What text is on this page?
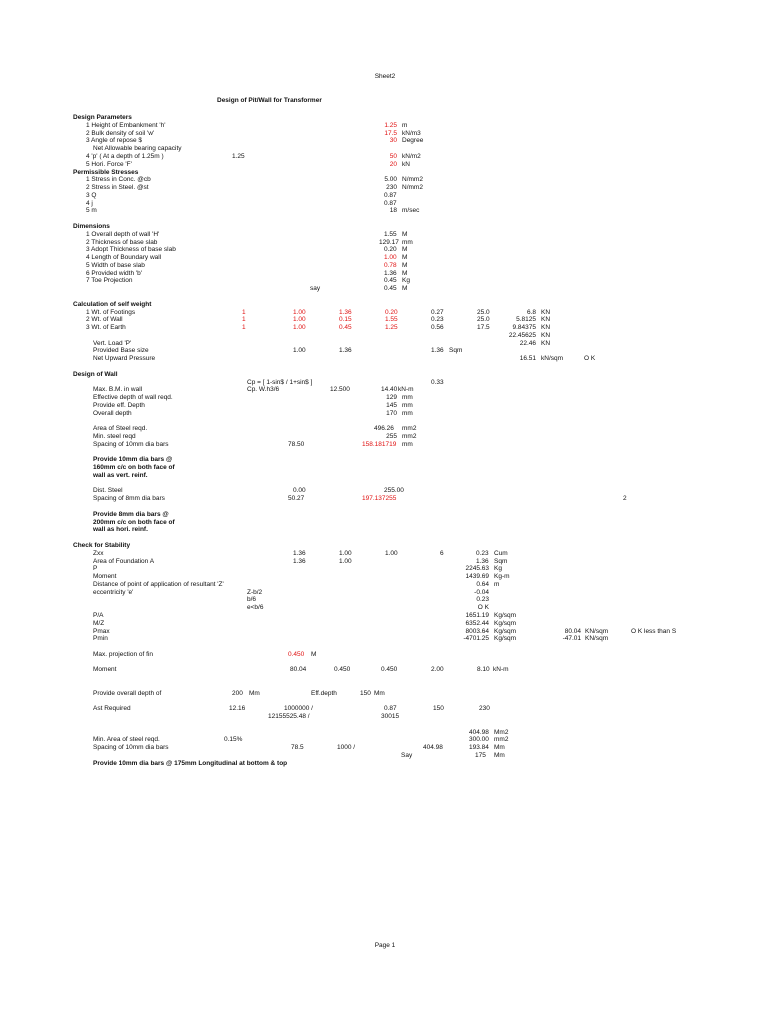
Sheet2
Design of Pit/Wall for Transformer
Design Parameters
1 Height of Embankment 'h'	1.25 m
2 Bulk density of soil 'w'	17.5 kN/m3
3 Angle of repose $	30 Degree
Net Allowable bearing capacity
4 'p' ( At a depth of 1.25m )	1.25	50 kN/m2
5 Hori. Force 'F'	20 kN
Permissible Stresses
1 Stress in Conc. @cb	5.00 N/mm2
2 Stress in Steel. @st	230 N/mm2
3 Q	0.87
4 j	0.87
5 m	18 m/sec
Dimensions
1 Overall depth of wall 'H'	1.55 M
2 Thickness of base slab	129.17 mm
3 Adopt Thickness of base slab	0.20 M
4 Length of Boundary wall	1.00 M
5 Width of base slab	0.78 M
6 Provided width 'b'	1.36 M
7 Toe Projection	0.45 Kg
say	0.45 M
Calculation of self weight
1 Wt. of Footings	1	1.00	1.36	0.20	0.27	25.0	6.8 KN
2 Wt. of Wall	1	1.00	0.15	1.55	0.23	25.0	5.8125 KN
3 Wt. of Earth	1	1.00	0.45	1.25	0.56	17.5	9.84375 KN
22.45625 KN
Vert. Load 'P'	22.46 KN
Provided Base size	1.00	1.36	1.36 Sqm
Net Upward Pressure	16.51 kN/sqm	O K
Design of Wall
Cp = [ 1-sin$ / 1+sin$ ]	0.33
Max. B.M. in wall	Cp. W.h3/6	12.500	14.40 kN-m
Effective depth of wall reqd.	129 mm
Provide eff. Depth	145 mm
Overall depth	170 mm
Area of Steel reqd.	496.26 mm2
Min. steel reqd	255 mm2
Spacing of 10mm dia bars	78.50	158.181719 mm
Provide 10mm dia bars @
160mm c/c on both face of
wall as vert. reinf.
Dist. Steel	0.00	255.00
Spacing of 8mm dia bars	50.27	197.137255	2
Provide 8mm dia bars @
200mm c/c on both face of
wall as hori. reinf.
Check for Stability
Zxx	1.36	1.00	1.00	6	0.23 Cum
Area of Foundation A	1.36	1.00	1.36 Sqm
P	2245.63 Kg
Moment	1439.69 Kg-m
Distance of point of application of resultant 'Z'	0.64 m
eccentricity 'e'	Z-b/2	-0.04
b/6	0.23
e<b/6	O K
P/A	1651.19 Kg/sqm
M/Z	6352.44 Kg/sqm
Pmax	8003.64 Kg/sqm	80.04 KN/sqm	O K less than S
Pmin	-4701.25 Kg/sqm	-47.01 KN/sqm
Max. projection of fin	0.450 M
Moment	80.04	0.450	0.450	2.00	8.10 kN-m
Provide overall depth of	200 Mm	Eff.depth	150 Mm
Ast Required	12.16	1000000 /	0.87	150	230
12155525.48 /	30015
404.98 Mm2
Min. Area of steel reqd.	0.15%	300.00 mm2
Spacing of 10mm dia bars	78.5	1000 /	404.98	193.84 Mm
Say	175 Mm
Provide 10mm dia bars @ 175mm Longitudinal at bottom & top
Page 1
